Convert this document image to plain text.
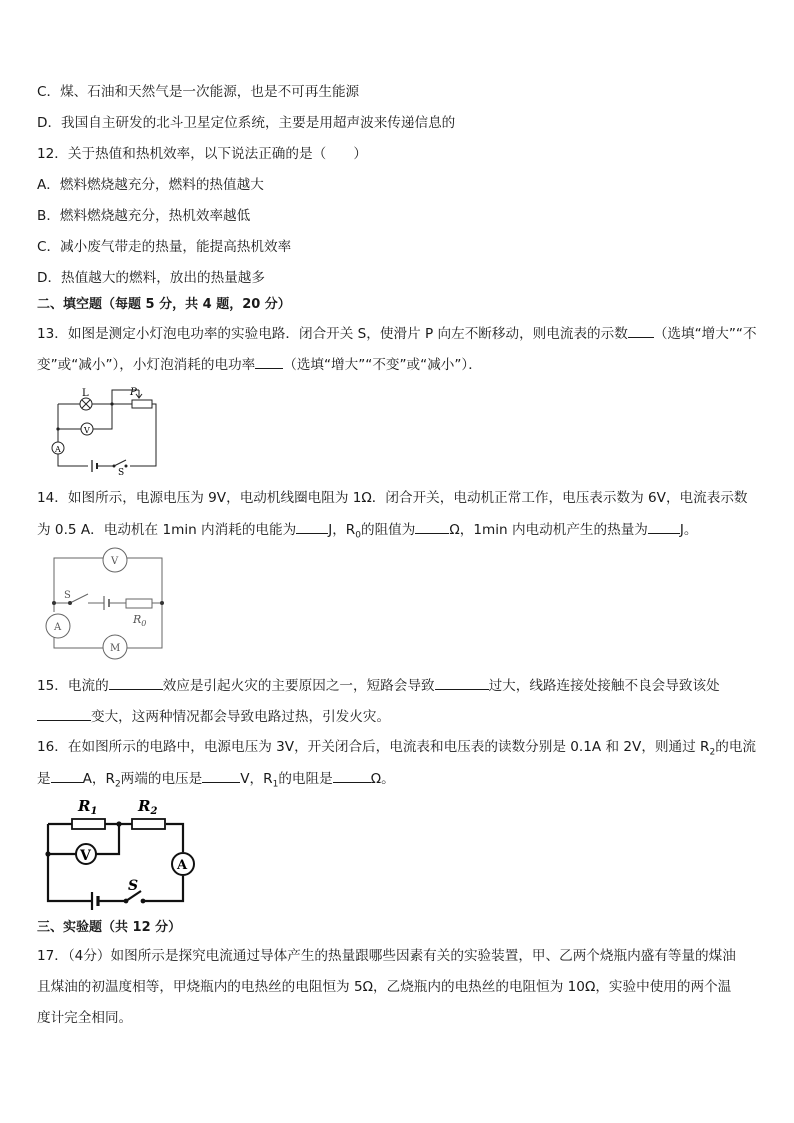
C．煤、石油和天然气是一次能源，也是不可再生能源
D．我国自主研发的北斗卫星定位系统，主要是用超声波来传递信息的
12．关于热值和热机效率，以下说法正确的是（　　）
A．燃料燃烧越充分，燃料的热值越大
B．燃料燃烧越充分，热机效率越低
C．减小废气带走的热量，能提高热机效率
D．热值越大的燃料，放出的热量越多
二、填空题（每题 5 分，共 4 题，20 分）
13．如图是测定小灯泡电功率的实验电路．闭合开关 S，使滑片 P 向左不断移动，则电流表的示数 （选填“增大”“不
变”或“减小”），小灯泡消耗的电功率 （选填“增大”“不变”或“减小”）．
L	P
V
A
S
14．如图所示，电源电压为 9V，电动机线圈电阻为 1Ω．闭合开关，电动机正常工作，电压表示数为 6V，电流表示数
为 0.5 A．电动机在 1min 内消耗的电能为 J，$R_0$的阻值为	Ω，1min 内电动机产生的热量为 J。
V
S
$R_0$
A
M
15．电流的	效应是引起火灾的主要原因之一，短路会导致	过大，线路连接处接触不良会导致该处
变大，这两种情况都会导致电路过热，引发火灾。
16．在如图所示的电路中，电源电压为 3V，开关闭合后，电流表和电压表的读数分别是 0.1A 和 2V，则通过 $R_2$的电流
是 A，$R_2$两端的电压是	V，$R_1$的电阻是	Ω。
$R_1$	$R_2$
V
A
S
三、实验题（共 12 分）
17．（4分）如图所示是探究电流通过导体产生的热量跟哪些因素有关的实验装置，甲、乙两个烧瓶内盛有等量的煤油
且煤油的初温度相等，甲烧瓶内的电热丝的电阻恒为 5Ω，乙烧瓶内的电热丝的电阻恒为 10Ω，实验中使用的两个温
度计完全相同。
